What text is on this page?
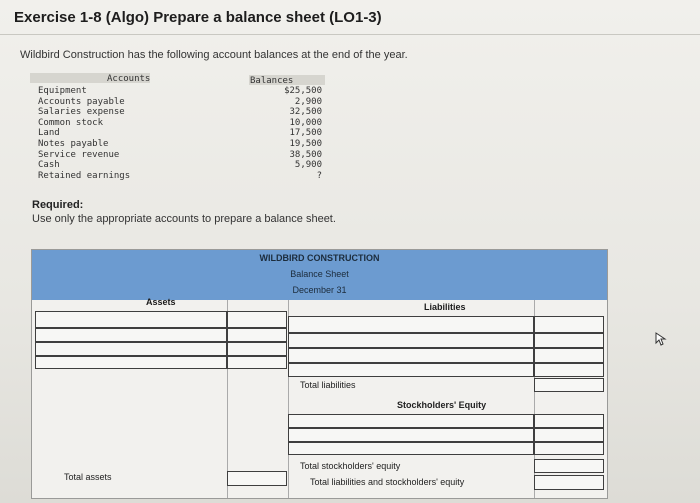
Exercise 1-8 (Algo) Prepare a balance sheet (LO1-3)
Wildbird Construction has the following account balances at the end of the year.
Accounts	Balances
Equipment
Accounts payable
Salaries expense
Common stock
Land
Notes payable
Service revenue
Cash
Retained earnings
$25,500
2,900
32,500
10,000
17,500
19,500
38,500
5,900
?
Required:
Use only the appropriate accounts to prepare a balance sheet.
WILDBIRD CONSTRUCTION
Balance Sheet
December 31
Assets	Liabilities
Total liabilities
Stockholders' Equity
Total stockholders' equity
Total liabilities and stockholders' equity
Total assets
